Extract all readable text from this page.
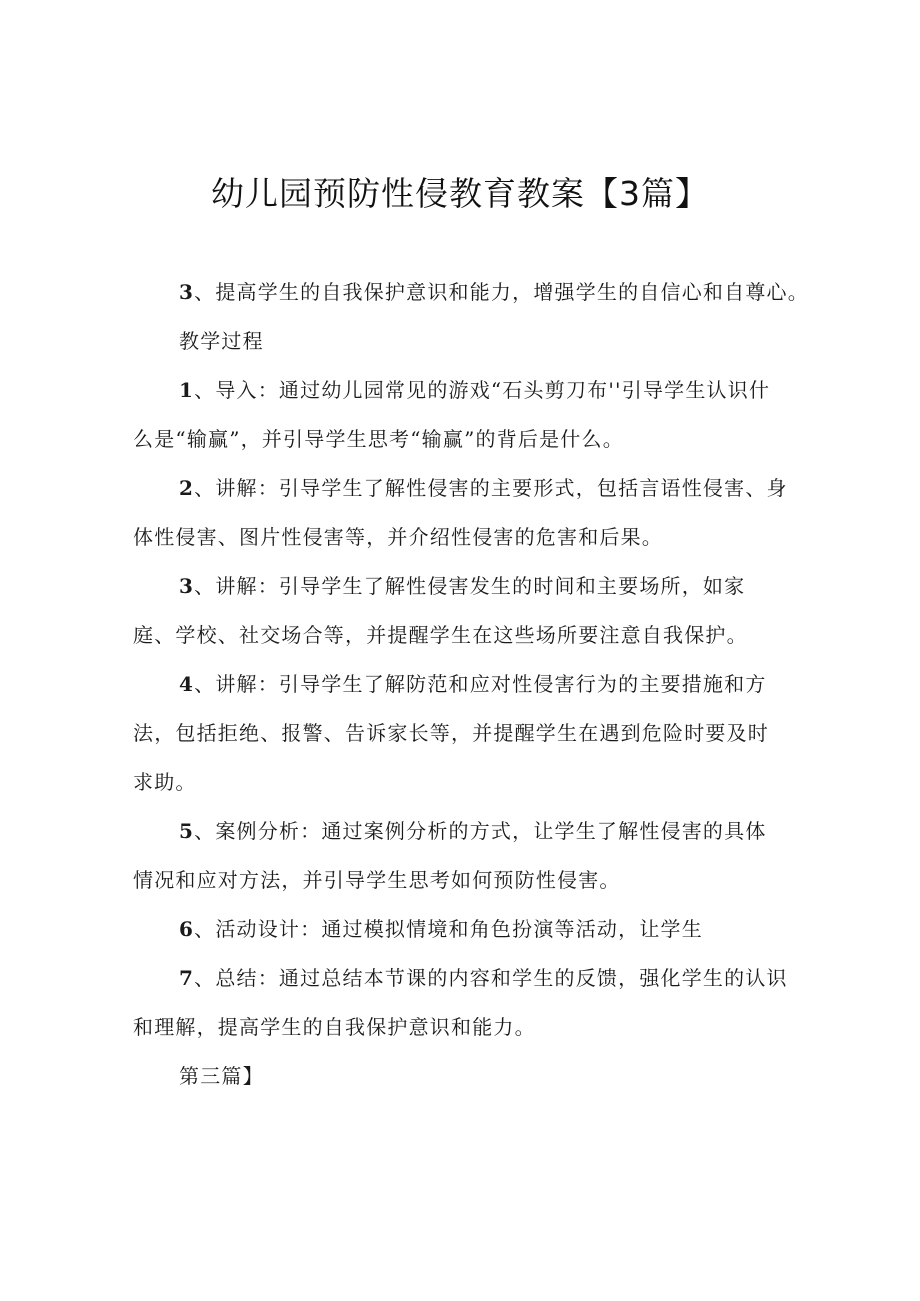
幼儿园预防性侵教育教案【3篇】

3、提高学生的自我保护意识和能力，增强学生的自信心和自尊心。

教学过程

1、导入：通过幼儿园常见的游戏“石头剪刀布''引导学生认识什
么是“输赢”，并引导学生思考“输赢”的背后是什么。

2、讲解：引导学生了解性侵害的主要形式，包括言语性侵害、身
体性侵害、图片性侵害等，并介绍性侵害的危害和后果。

3、讲解：引导学生了解性侵害发生的时间和主要场所，如家
庭、学校、社交场合等，并提醒学生在这些场所要注意自我保护。

4、讲解：引导学生了解防范和应对性侵害行为的主要措施和方
法，包括拒绝、报警、告诉家长等，并提醒学生在遇到危险时要及时
求助。

5、案例分析：通过案例分析的方式，让学生了解性侵害的具体
情况和应对方法，并引导学生思考如何预防性侵害。

6、活动设计：通过模拟情境和角色扮演等活动，让学生

7、总结：通过总结本节课的内容和学生的反馈，强化学生的认识
和理解，提高学生的自我保护意识和能力。

第三篇】
